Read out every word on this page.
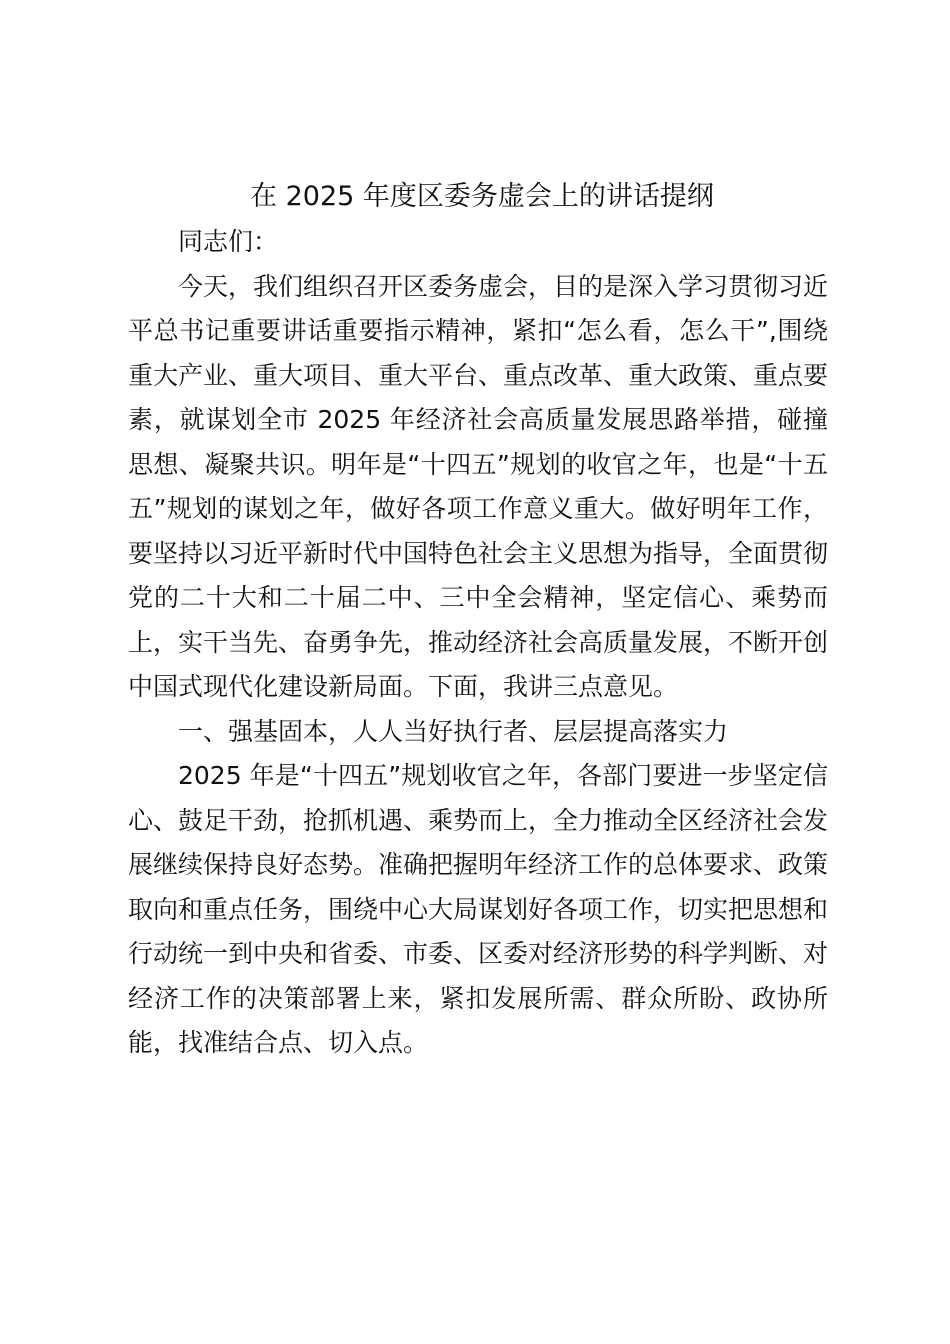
在 2025 年度区委务虚会上的讲话提纲

同志们：

今天，我们组织召开区委务虚会，目的是深入学习贯彻习近平总书记重要讲话重要指示精神，紧扣“怎么看，怎么干”,围绕重大产业、重大项目、重大平台、重点改革、重大政策、重点要素，就谋划全市 2025 年经济社会高质量发展思路举措，碰撞思想、凝聚共识。明年是“十四五”规划的收官之年，也是“十五五”规划的谋划之年，做好各项工作意义重大。做好明年工作，要坚持以习近平新时代中国特色社会主义思想为指导，全面贯彻党的二十大和二十届二中、三中全会精神，坚定信心、乘势而上，实干当先、奋勇争先，推动经济社会高质量发展，不断开创中国式现代化建设新局面。下面，我讲三点意见。

一、强基固本，人人当好执行者、层层提高落实力

2025 年是“十四五”规划收官之年，各部门要进一步坚定信心、鼓足干劲，抢抓机遇、乘势而上，全力推动全区经济社会发展继续保持良好态势。准确把握明年经济工作的总体要求、政策取向和重点任务，围绕中心大局谋划好各项工作，切实把思想和行动统一到中央和省委、市委、区委对经济形势的科学判断、对经济工作的决策部署上来，紧扣发展所需、群众所盼、政协所能，找准结合点、切入点。
